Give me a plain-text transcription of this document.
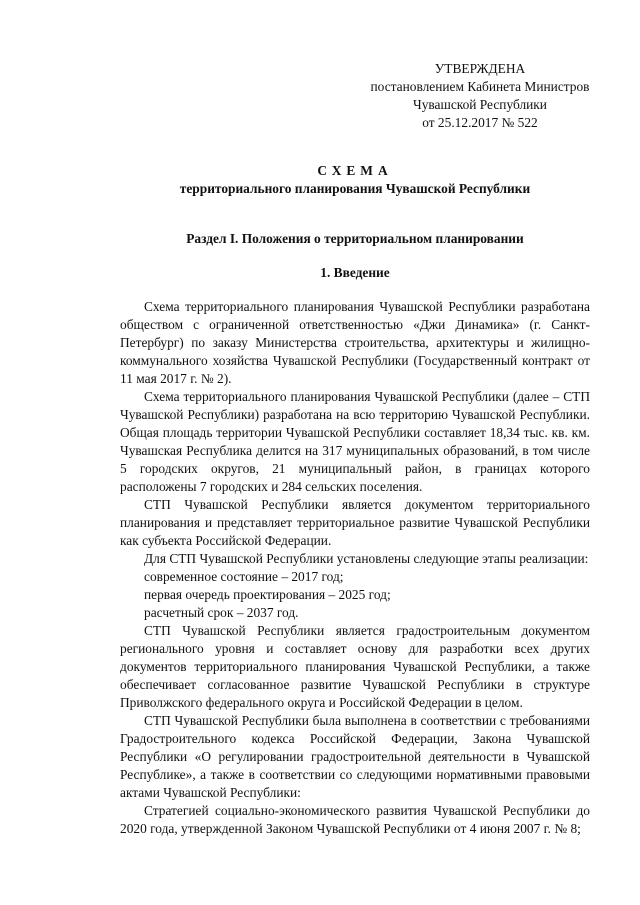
УТВЕРЖДЕНА
постановлением Кабинета Министров
Чувашской Республики
от 25.12.2017 № 522
СХЕМА
территориального планирования Чувашской Республики
Раздел I. Положения о территориальном планировании
1. Введение

Схема территориального планирования Чувашской Республики разработана обществом с ограниченной ответственностью «Джи Динамика» (г. Санкт-Петербург) по заказу Министерства строительства, архитектуры и жилищно-коммунального хозяйства Чувашской Республики (Государственный контракт от 11 мая 2017 г. № 2).

Схема территориального планирования Чувашской Республики (далее – СТП Чувашской Республики) разработана на всю территорию Чувашской Республики. Общая площадь территории Чувашской Республики составляет 18,34 тыс. кв. км. Чувашская Республика делится на 317 муниципальных образований, в том числе 5 городских округов, 21 муниципальный район, в границах которого расположены 7 городских и 284 сельских поселения.

СТП Чувашской Республики является документом территориального планирования и представляет территориальное развитие Чувашской Республики как субъекта Российской Федерации.

Для СТП Чувашской Республики установлены следующие этапы реализации:

современное состояние – 2017 год;

первая очередь проектирования – 2025 год;

расчетный срок – 2037 год.

СТП Чувашской Республики является градостроительным документом регионального уровня и составляет основу для разработки всех других документов территориального планирования Чувашской Республики, а также обеспечивает согласованное развитие Чувашской Республики в структуре Приволжского федерального округа и Российской Федерации в целом.

СТП Чувашской Республики была выполнена в соответствии с требованиями Градостроительного кодекса Российской Федерации, Закона Чувашской Республики «О регулировании градостроительной деятельности в Чувашской Республике», а также в соответствии со следующими нормативными правовыми актами Чувашской Республики:

Стратегией социально-экономического развития Чувашской Республики до 2020 года, утвержденной Законом Чувашской Республики от 4 июня 2007 г. № 8;
